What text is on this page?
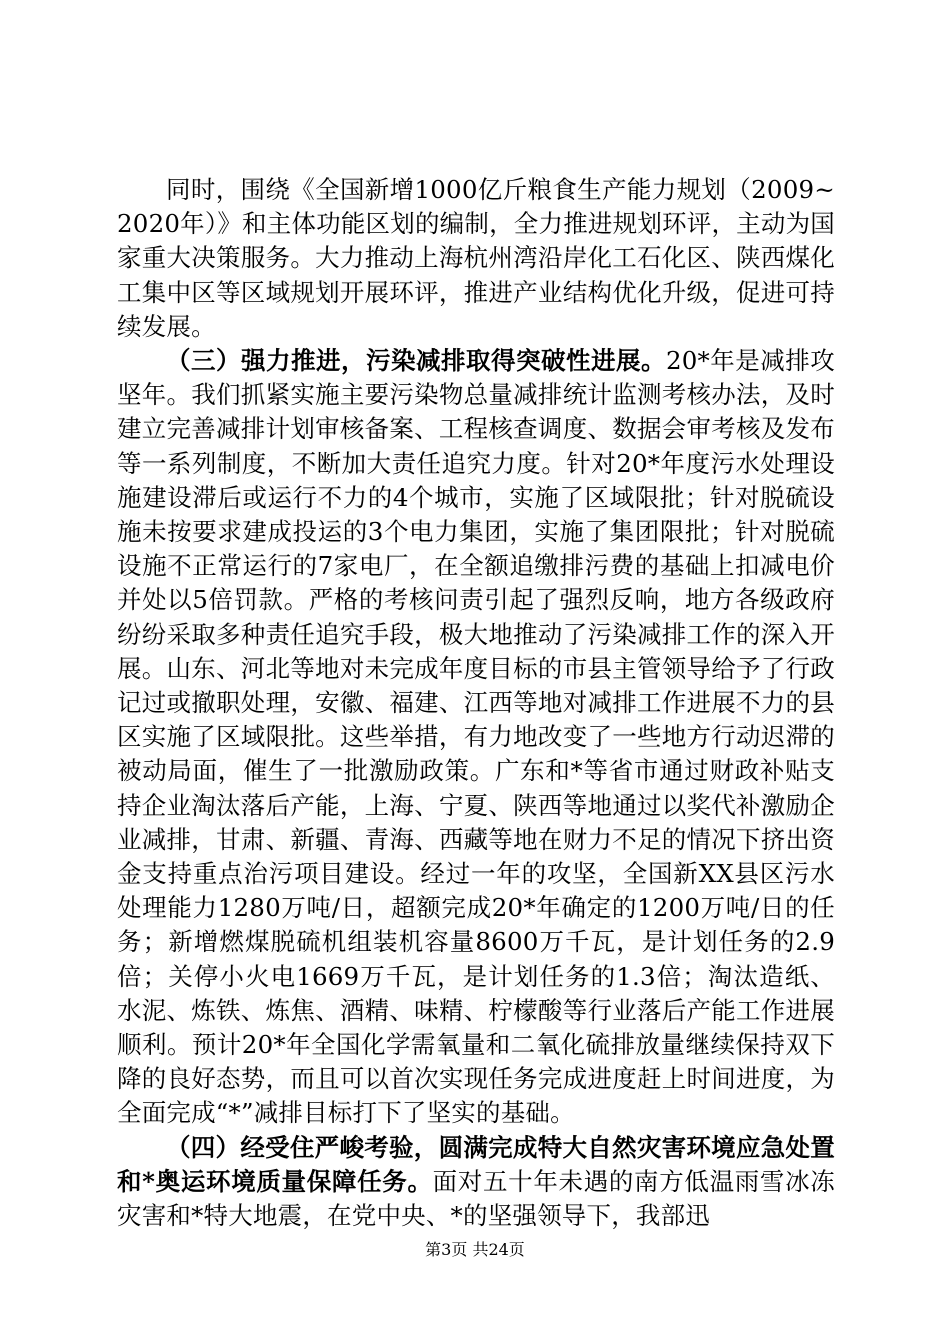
同时，围绕《全国新增1000亿斤粮食生产能力规划（2009~2020年）》和主体功能区划的编制，全力推进规划环评，主动为国家重大决策服务。大力推动上海杭州湾沿岸化工石化区、陕西煤化工集中区等区域规划开展环评，推进产业结构优化升级，促进可持续发展。

（三）强力推进，污染减排取得突破性进展。20*年是减排攻坚年。我们抓紧实施主要污染物总量减排统计监测考核办法，及时建立完善减排计划审核备案、工程核查调度、数据会审考核及发布等一系列制度，不断加大责任追究力度。针对20*年度污水处理设施建设滞后或运行不力的4个城市，实施了区域限批；针对脱硫设施未按要求建成投运的3个电力集团，实施了集团限批；针对脱硫设施不正常运行的7家电厂，在全额追缴排污费的基础上扣减电价并处以5倍罚款。严格的考核问责引起了强烈反响，地方各级政府纷纷采取多种责任追究手段，极大地推动了污染减排工作的深入开展。山东、河北等地对未完成年度目标的市县主管领导给予了行政记过或撤职处理，安徽、福建、江西等地对减排工作进展不力的县区实施了区域限批。这些举措，有力地改变了一些地方行动迟滞的被动局面，催生了一批激励政策。广东和*等省市通过财政补贴支持企业淘汰落后产能，上海、宁夏、陕西等地通过以奖代补激励企业减排，甘肃、新疆、青海、西藏等地在财力不足的情况下挤出资金支持重点治污项目建设。经过一年的攻坚，全国新XX县区污水处理能力1280万吨/日，超额完成20*年确定的1200万吨/日的任务；新增燃煤脱硫机组装机容量8600万千瓦，是计划任务的2.9倍；关停小火电1669万千瓦，是计划任务的1.3倍；淘汰造纸、水泥、炼铁、炼焦、酒精、味精、柠檬酸等行业落后产能工作进展顺利。预计20*年全国化学需氧量和二氧化硫排放量继续保持双下降的良好态势，而且可以首次实现任务完成进度赶上时间进度，为全面完成“*”减排目标打下了坚实的基础。

（四）经受住严峻考验，圆满完成特大自然灾害环境应急处置和*奥运环境质量保障任务。面对五十年未遇的南方低温雨雪冰冻灾害和*特大地震，在党中央、*的坚强领导下，我部迅

第3页 共24页
